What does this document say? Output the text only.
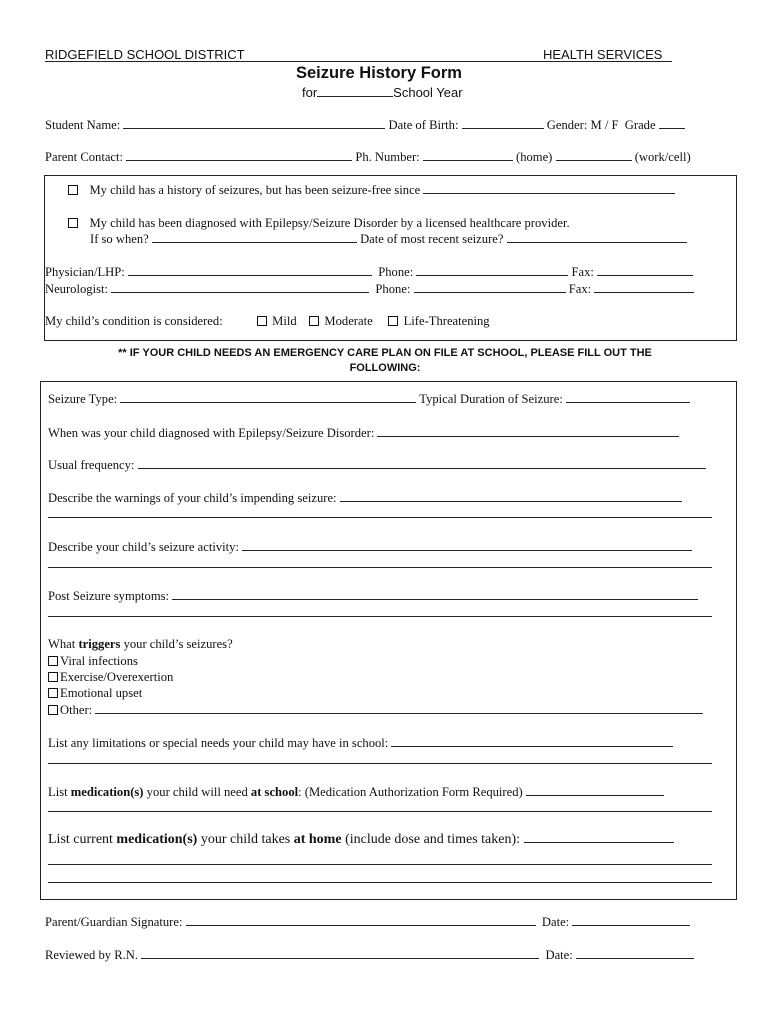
RIDGEFIELD SCHOOL DISTRICT	HEALTH SERVICES
Seizure History Form
for	School Year
Student Name:	Date of Birth:	Gender: M / F Grade
Parent Contact:	Ph. Number:	(home)	(work/cell)
My child has a history of seizures, but has been seizure-free since
My child has been diagnosed with Epilepsy/Seizure Disorder by a licensed healthcare provider.
If so when?	Date of most recent seizure?
Physician/LHP:	Phone:	Fax:
Neurologist:	Phone:	Fax:
My child’s condition is considered:	Mild Moderate Life-Threatening
** IF YOUR CHILD NEEDS AN EMERGENCY CARE PLAN ON FILE AT SCHOOL, PLEASE FILL OUT THE
FOLLOWING:
Seizure Type:	Typical Duration of Seizure:
When was your child diagnosed with Epilepsy/Seizure Disorder:
Usual frequency:
Describe the warnings of your child’s impending seizure:
Describe your child’s seizure activity:
Post Seizure symptoms:
What triggers your child’s seizures?
Viral infections
Exercise/Overexertion
Emotional upset
Other:
List any limitations or special needs your child may have in school:
List medication(s) your child will need at school: (Medication Authorization Form Required)
List current medication(s) your child takes at home (include dose and times taken):
Parent/Guardian Signature:	Date:
Reviewed by R.N.	Date:
